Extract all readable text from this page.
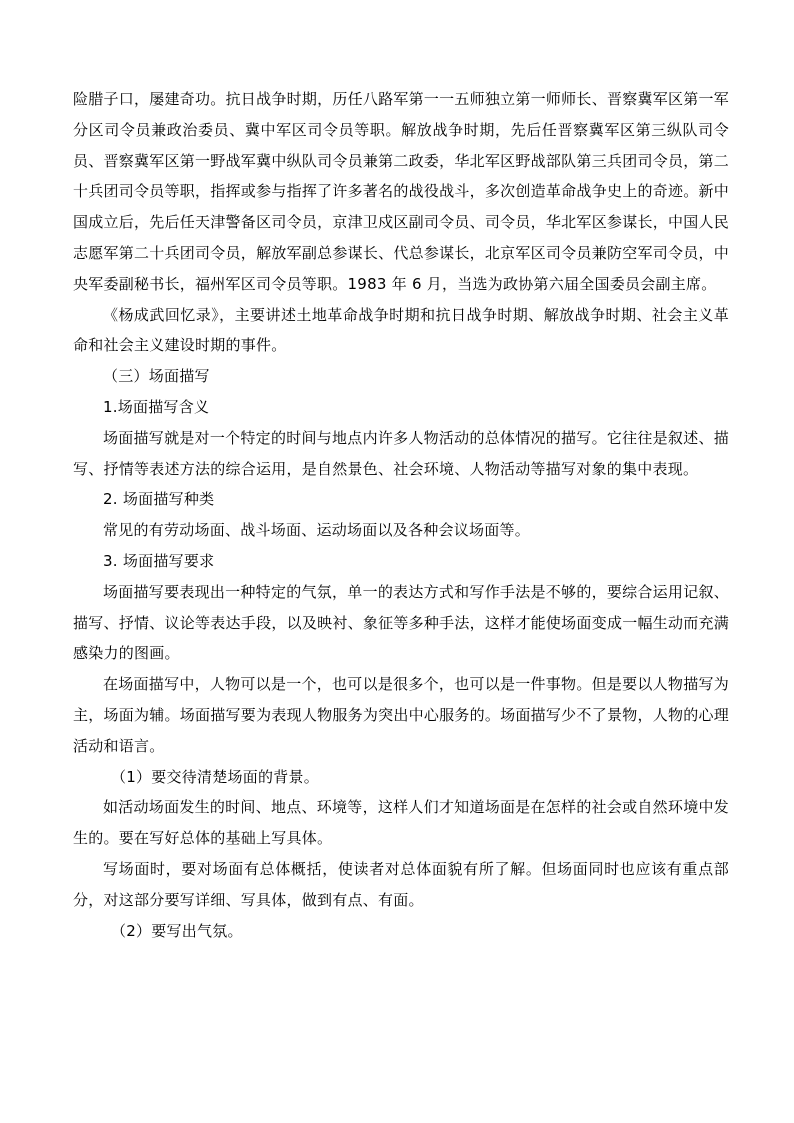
险腊子口，屡建奇功。抗日战争时期，历任八路军第一一五师独立第一师师长、晋察冀军区第一军分区司令员兼政治委员、冀中军区司令员等职。解放战争时期，先后任晋察冀军区第三纵队司令员、晋察冀军区第一野战军冀中纵队司令员兼第二政委，华北军区野战部队第三兵团司令员，第二十兵团司令员等职，指挥或参与指挥了许多著名的战役战斗，多次创造革命战争史上的奇迹。新中国成立后，先后任天津警备区司令员，京津卫戍区副司令员、司令员，华北军区参谋长，中国人民志愿军第二十兵团司令员，解放军副总参谋长、代总参谋长，北京军区司令员兼防空军司令员，中央军委副秘书长，福州军区司令员等职。1983 年 6 月，当选为政协第六届全国委员会副主席。

《杨成武回忆录》，主要讲述土地革命战争时期和抗日战争时期、解放战争时期、社会主义革命和社会主义建设时期的事件。

（三）场面描写

1.场面描写含义

场面描写就是对一个特定的时间与地点内许多人物活动的总体情况的描写。它往往是叙述、描写、抒情等表述方法的综合运用，是自然景色、社会环境、人物活动等描写对象的集中表现。

2. 场面描写种类

常见的有劳动场面、战斗场面、运动场面以及各种会议场面等。

3. 场面描写要求

场面描写要表现出一种特定的气氛，单一的表达方式和写作手法是不够的，要综合运用记叙、描写、抒情、议论等表达手段，以及映衬、象征等多种手法，这样才能使场面变成一幅生动而充满感染力的图画。

在场面描写中，人物可以是一个，也可以是很多个，也可以是一件事物。但是要以人物描写为主，场面为辅。场面描写要为表现人物服务为突出中心服务的。场面描写少不了景物，人物的心理活动和语言。

（1）要交待清楚场面的背景。

如活动场面发生的时间、地点、环境等，这样人们才知道场面是在怎样的社会或自然环境中发生的。要在写好总体的基础上写具体。

写场面时，要对场面有总体概括，使读者对总体面貌有所了解。但场面同时也应该有重点部分，对这部分要写详细、写具体，做到有点、有面。

（2）要写出气氛。
